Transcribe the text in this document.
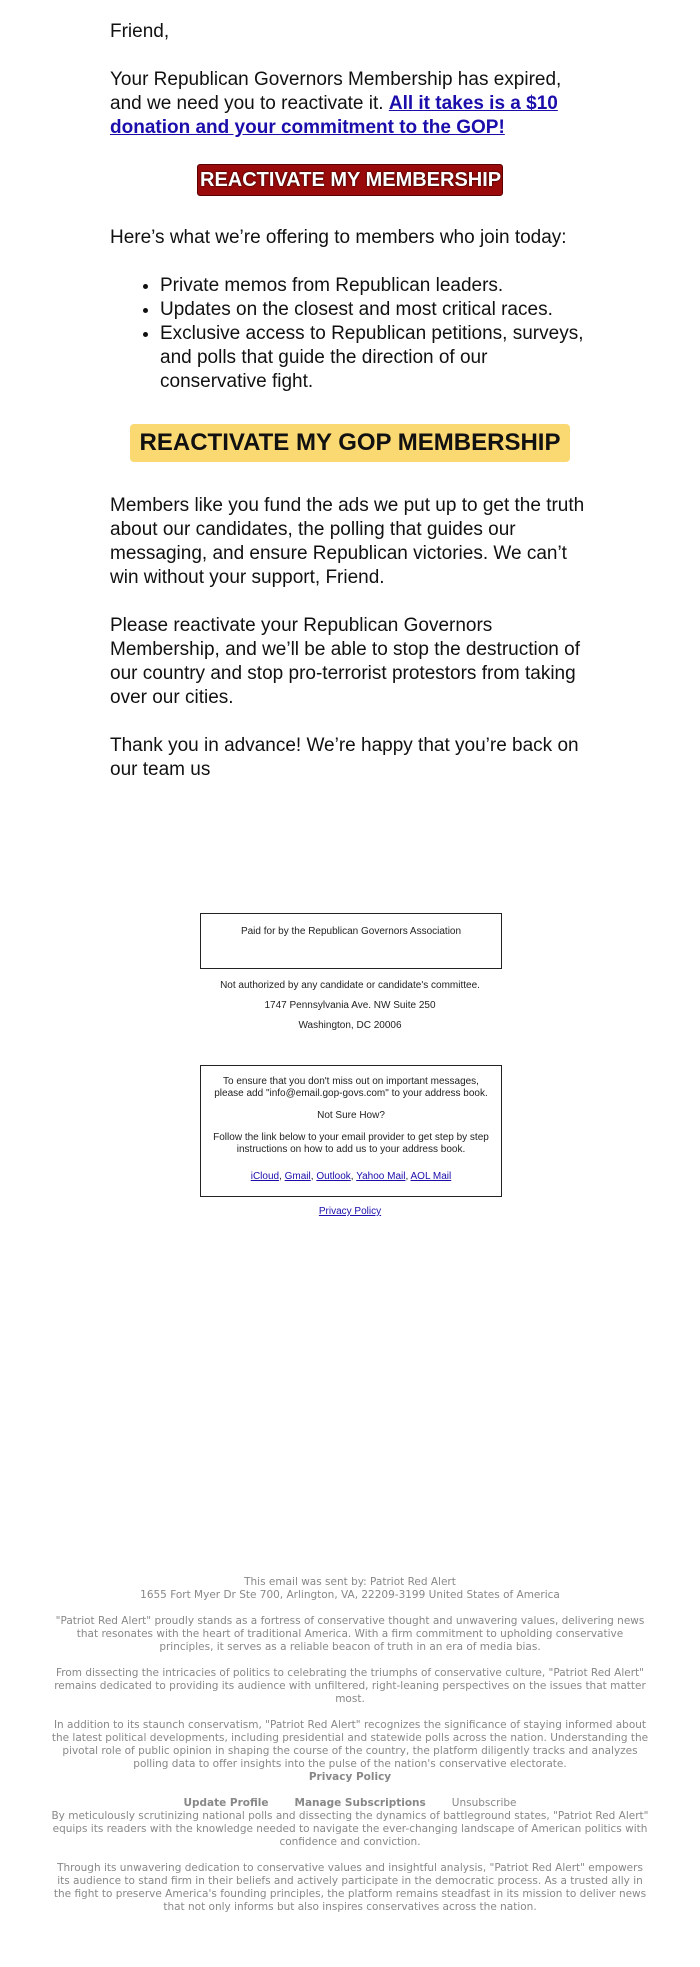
Friend,

Your Republican Governors Membership has expired, and we need you to reactivate it. All it takes is a $10 donation and your commitment to the GOP!

REACTIVATE MY MEMBERSHIP

Here’s what we’re offering to members who join today:

• Private memos from Republican leaders.
• Updates on the closest and most critical races.
• Exclusive access to Republican petitions, surveys, and polls that guide the direction of our conservative fight.
REACTIVATE MY GOP MEMBERSHIP

Members like you fund the ads we put up to get the truth about our candidates, the polling that guides our messaging, and ensure Republican victories. We can’t win without your support, Friend.

Please reactivate your Republican Governors Membership, and we’ll be able to stop the destruction of our country and stop pro-terrorist protestors from taking over our cities.

Thank you in advance! We’re happy that you’re back on our team us

Paid for by the Republican Governors Association
Not authorized by any candidate or candidate's committee.
1747 Pennsylvania Ave. NW Suite 250
Washington, DC 20006
To ensure that you don't miss out on important messages,
please add "info@email.gop-govs.com" to your address book.
Not Sure How?
Follow the link below to your email provider to get step by step instructions on how to add us to your address book.
iCloud, Gmail, Outlook, Yahoo Mail, AOL Mail
Privacy Policy

This email was sent by: Patriot Red Alert

1655 Fort Myer Dr Ste 700, Arlington, VA, 22209-3199 United States of America

"Patriot Red Alert" proudly stands as a fortress of conservative thought and unwavering values, delivering news that resonates with the heart of traditional America. With a firm commitment to upholding conservative principles, it serves as a reliable beacon of truth in an era of media bias.

From dissecting the intricacies of politics to celebrating the triumphs of conservative culture, "Patriot Red Alert" remains dedicated to providing its audience with unfiltered, right-leaning perspectives on the issues that matter most.

In addition to its staunch conservatism, "Patriot Red Alert" recognizes the significance of staying informed about the latest political developments, including presidential and statewide polls across the nation. Understanding the pivotal role of public opinion in shaping the course of the country, the platform diligently tracks and analyzes polling data to offer insights into the pulse of the nation's conservative electorate.

Privacy Policy

Update Profile Manage Subscriptions Unsubscribe

By meticulously scrutinizing national polls and dissecting the dynamics of battleground states, "Patriot Red Alert" equips its readers with the knowledge needed to navigate the ever-changing landscape of American politics with confidence and conviction.

Through its unwavering dedication to conservative values and insightful analysis, "Patriot Red Alert" empowers its audience to stand firm in their beliefs and actively participate in the democratic process. As a trusted ally in the fight to preserve America's founding principles, the platform remains steadfast in its mission to deliver news that not only informs but also inspires conservatives across the nation.
